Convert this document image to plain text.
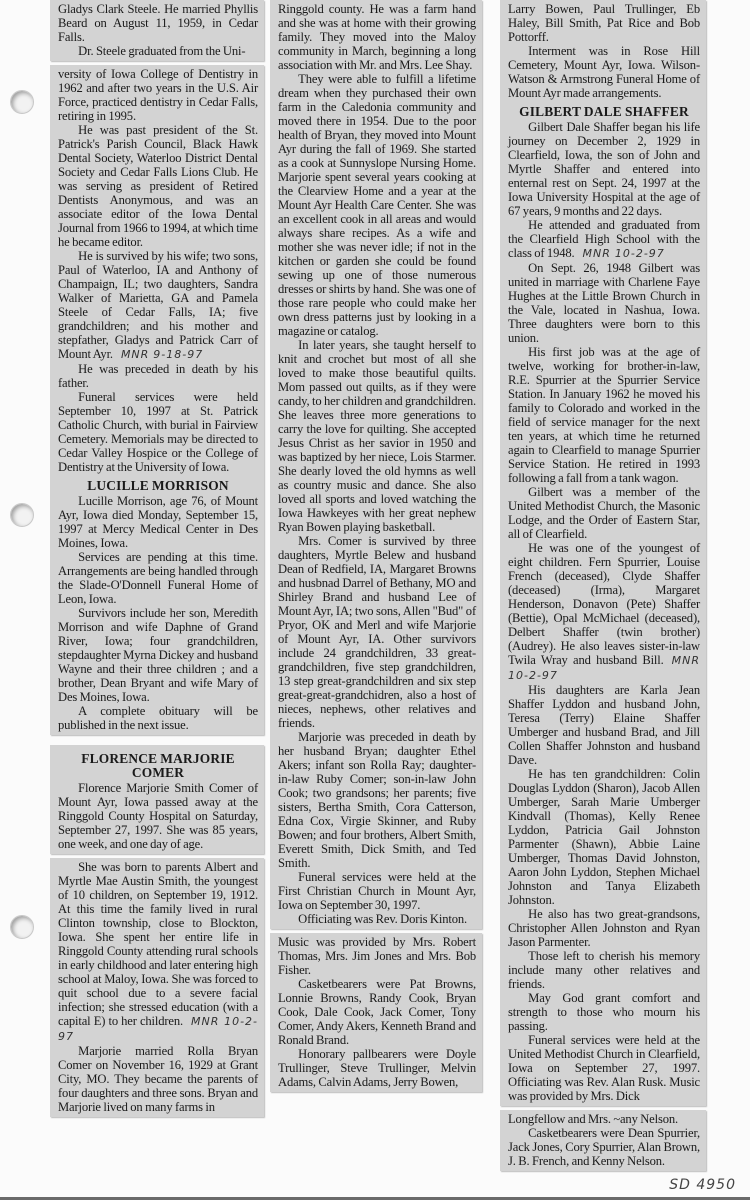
Gladys Clark Steele. He married Phyllis Beard on August 11, 1959, in Cedar Falls.

Dr. Steele graduated from the Uni-

versity of Iowa College of Dentistry in 1962 and after two years in the U.S. Air Force, practiced dentistry in Cedar Falls, retiring in 1995.

He was past president of the St. Patrick's Parish Council, Black Hawk Dental Society, Waterloo District Dental Society and Cedar Falls Lions Club. He was serving as president of Retired Dentists Anonymous, and was an associate editor of the Iowa Dental Journal from 1966 to 1994, at which time he became editor.

He is survived by his wife; two sons, Paul of Waterloo, IA and Anthony of Champaign, IL; two daughters, Sandra Walker of Marietta, GA and Pamela Steele of Cedar Falls, IA; five grandchildren; and his mother and stepfather, Gladys and Patrick Carr of Mount Ayr. MNR 9-18-97

He was preceded in death by his father.

Funeral services were held September 10, 1997 at St. Patrick Catholic Church, with burial in Fairview Cemetery. Memorials may be directed to Cedar Valley Hospice or the College of Dentistry at the University of Iowa.

LUCILLE MORRISON

Lucille Morrison, age 76, of Mount Ayr, Iowa died Monday, September 15, 1997 at Mercy Medical Center in Des Moines, Iowa.

Services are pending at this time. Arrangements are being handled through the Slade-O'Donnell Funeral Home of Leon, Iowa.

Survivors include her son, Meredith Morrison and wife Daphne of Grand River, Iowa; four grandchildren, stepdaughter Myrna Dickey and husband Wayne and their three children ; and a brother, Dean Bryant and wife Mary of Des Moines, Iowa.

A complete obituary will be published in the next issue.

FLORENCE MARJORIE COMER

Florence Marjorie Smith Comer of Mount Ayr, Iowa passed away at the Ringgold County Hospital on Saturday, September 27, 1997. She was 85 years, one week, and one day of age.

She was born to parents Albert and Myrtle Mae Austin Smith, the youngest of 10 children, on September 19, 1912. At this time the family lived in rural Clinton township, close to Blockton, Iowa. She spent her entire life in Ringgold County attending rural schools in early childhood and later entering high school at Maloy, Iowa. She was forced to quit school due to a severe facial infection; she stressed education (with a capital E) to her children. MNR 10-2-97

Marjorie married Rolla Bryan Comer on November 16, 1929 at Grant City, MO. They became the parents of four daughters and three sons. Bryan and Marjorie lived on many farms in

Ringgold county. He was a farm hand and she was at home with their growing family. They moved into the Maloy community in March, beginning a long association with Mr. and Mrs. Lee Shay.

They were able to fulfill a lifetime dream when they purchased their own farm in the Caledonia community and moved there in 1954. Due to the poor health of Bryan, they moved into Mount Ayr during the fall of 1969. She started as a cook at Sunnyslope Nursing Home. Marjorie spent several years cooking at the Clearview Home and a year at the Mount Ayr Health Care Center. She was an excellent cook in all areas and would always share recipes. As a wife and mother she was never idle; if not in the kitchen or garden she could be found sewing up one of those numerous dresses or shirts by hand. She was one of those rare people who could make her own dress patterns just by looking in a magazine or catalog.

In later years, she taught herself to knit and crochet but most of all she loved to make those beautiful quilts. Mom passed out quilts, as if they were candy, to her children and grandchildren. She leaves three more generations to carry the love for quilting. She accepted Jesus Christ as her savior in 1950 and was baptized by her niece, Lois Starmer. She dearly loved the old hymns as well as country music and dance. She also loved all sports and loved watching the Iowa Hawkeyes with her great nephew Ryan Bowen playing basketball.

Mrs. Comer is survived by three daughters, Myrtle Belew and husband Dean of Redfield, IA, Margaret Browns and husbnad Darrel of Bethany, MO and Shirley Brand and husband Lee of Mount Ayr, IA; two sons, Allen "Bud" of Pryor, OK and Merl and wife Marjorie of Mount Ayr, IA. Other survivors include 24 grandchildren, 33 great-grandchildren, five step grandchildren, 13 step great-grandchildren and six step great-great-grandchidren, also a host of nieces, nephews, other relatives and friends.

Marjorie was preceded in death by her husband Bryan; daughter Ethel Akers; infant son Rolla Ray; daughter-in-law Ruby Comer; son-in-law John Cook; two grandsons; her parents; five sisters, Bertha Smith, Cora Catterson, Edna Cox, Virgie Skinner, and Ruby Bowen; and four brothers, Albert Smith, Everett Smith, Dick Smith, and Ted Smith.

Funeral services were held at the First Christian Church in Mount Ayr, Iowa on September 30, 1997.

Officiating was Rev. Doris Kinton.

Music was provided by Mrs. Robert Thomas, Mrs. Jim Jones and Mrs. Bob Fisher.

Casketbearers were Pat Browns, Lonnie Browns, Randy Cook, Bryan Cook, Dale Cook, Jack Comer, Tony Comer, Andy Akers, Kenneth Brand and Ronald Brand.

Honorary pallbearers were Doyle Trullinger, Steve Trullinger, Melvin Adams, Calvin Adams, Jerry Bowen,

Larry Bowen, Paul Trullinger, Eb Haley, Bill Smith, Pat Rice and Bob Pottorff.

Interment was in Rose Hill Cemetery, Mount Ayr, Iowa. Wilson-Watson & Armstrong Funeral Home of Mount Ayr made arrangements.

GILBERT DALE SHAFFER

Gilbert Dale Shaffer began his life journey on December 2, 1929 in Clearfield, Iowa, the son of John and Myrtle Shaffer and entered into enternal rest on Sept. 24, 1997 at the Iowa University Hospital at the age of 67 years, 9 months and 22 days.

He attended and graduated from the Clearfield High School with the class of 1948. MNR 10-2-97

On Sept. 26, 1948 Gilbert was united in marriage with Charlene Faye Hughes at the Little Brown Church in the Vale, located in Nashua, Iowa. Three daughters were born to this union.

His first job was at the age of twelve, working for brother-in-law, R.E. Spurrier at the Spurrier Service Station. In January 1962 he moved his family to Colorado and worked in the field of service manager for the next ten years, at which time he returned again to Clearfield to manage Spurrier Service Station. He retired in 1993 following a fall from a tank wagon.

Gilbert was a member of the United Methodist Church, the Masonic Lodge, and the Order of Eastern Star, all of Clearfield.

He was one of the youngest of eight children. Fern Spurrier, Louise French (deceased), Clyde Shaffer (deceased) (Irma), Margaret Henderson, Donavon (Pete) Shaffer (Bettie), Opal McMichael (deceased), Delbert Shaffer (twin brother) (Audrey). He also leaves sister-in-law Twila Wray and husband Bill. MNR 10-2-97

His daughters are Karla Jean Shaffer Lyddon and husband John, Teresa (Terry) Elaine Shaffer Umberger and husband Brad, and Jill Collen Shaffer Johnston and husband Dave.

He has ten grandchildren: Colin Douglas Lyddon (Sharon), Jacob Allen Umberger, Sarah Marie Umberger Kindvall (Thomas), Kelly Renee Lyddon, Patricia Gail Johnston Parmenter (Shawn), Abbie Laine Umberger, Thomas David Johnston, Aaron John Lyddon, Stephen Michael Johnston and Tanya Elizabeth Johnston.

He also has two great-grandsons, Christopher Allen Johnston and Ryan Jason Parmenter.

Those left to cherish his memory include many other relatives and friends.

May God grant comfort and strength to those who mourn his passing.

Funeral services were held at the United Methodist Church in Clearfield, Iowa on September 27, 1997. Officiating was Rev. Alan Rusk. Music was provided by Mrs. Dick

Longfellow and Mrs. ~any Nelson.

Casketbearers were Dean Spurrier, Jack Jones, Cory Spurrier, Alan Brown, J. B. French, and Kenny Nelson.

SD 4950
